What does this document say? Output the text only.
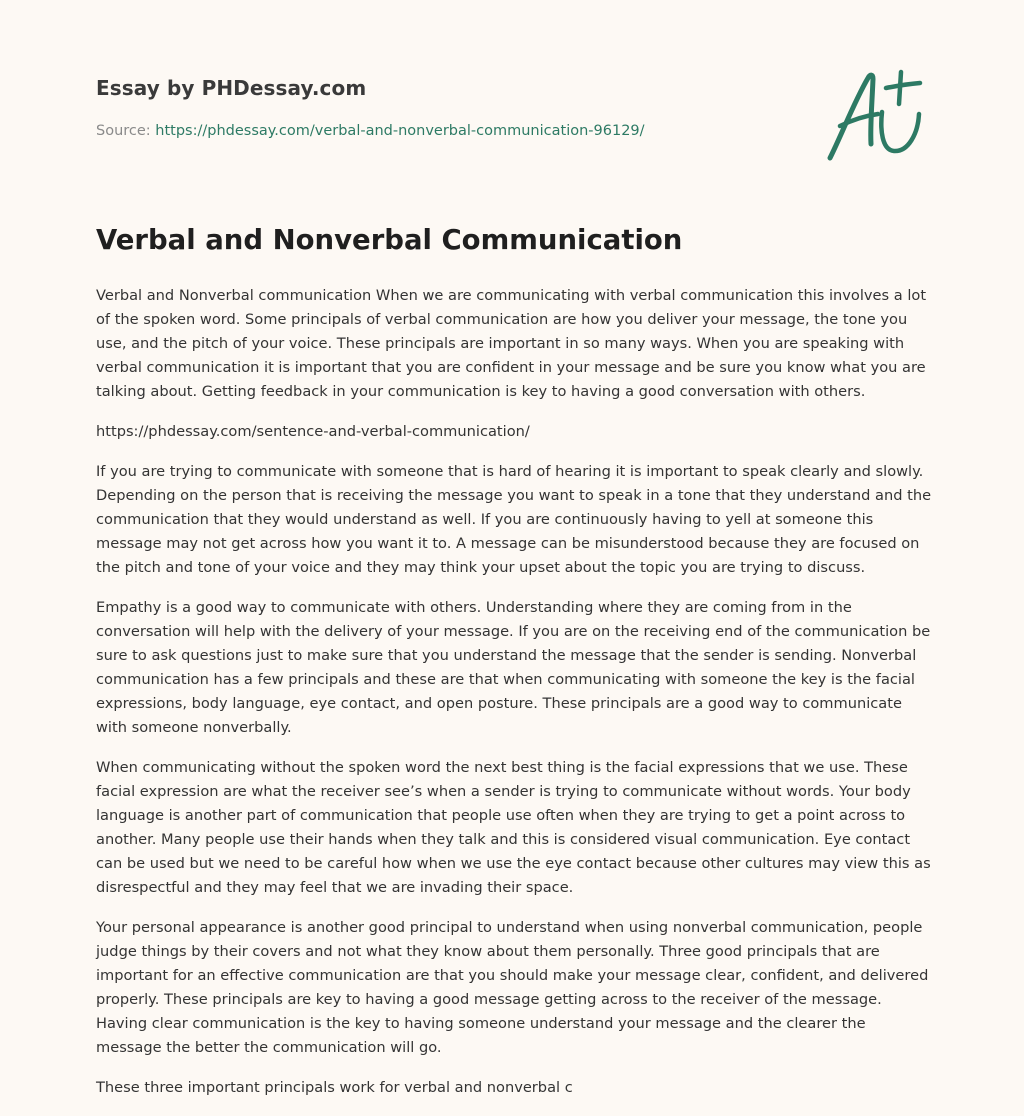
Essay by PHDessay.com
Source: https://phdessay.com/verbal-and-nonverbal-communication-96129/
Verbal and Nonverbal Communication

Verbal and Nonverbal communication When we are communicating with verbal communication this involves a lot of the spoken word. Some principals of verbal communication are how you deliver your message, the tone you use, and the pitch of your voice. These principals are important in so many ways. When you are speaking with verbal communication it is important that you are confident in your message and be sure you know what you are talking about. Getting feedback in your communication is key to having a good conversation with others.

https://phdessay.com/sentence-and-verbal-communication/

If you are trying to communicate with someone that is hard of hearing it is important to speak clearly and slowly. Depending on the person that is receiving the message you want to speak in a tone that they understand and the communication that they would understand as well. If you are continuously having to yell at someone this message may not get across how you want it to. A message can be misunderstood because they are focused on the pitch and tone of your voice and they may think your upset about the topic you are trying to discuss.

Empathy is a good way to communicate with others. Understanding where they are coming from in the conversation will help with the delivery of your message. If you are on the receiving end of the communication be sure to ask questions just to make sure that you understand the message that the sender is sending. Nonverbal communication has a few principals and these are that when communicating with someone the key is the facial expressions, body language, eye contact, and open posture. These principals are a good way to communicate with someone nonverbally.

When communicating without the spoken word the next best thing is the facial expressions that we use. These facial expression are what the receiver see’s when a sender is trying to communicate without words. Your body language is another part of communication that people use often when they are trying to get a point across to another. Many people use their hands when they talk and this is considered visual communication. Eye contact can be used but we need to be careful how when we use the eye contact because other cultures may view this as disrespectful and they may feel that we are invading their space.

Your personal appearance is another good principal to understand when using nonverbal communication, people judge things by their covers and not what they know about them personally. Three good principals that are important for an effective communication are that you should make your message clear, confident, and delivered properly. These principals are key to having a good message getting across to the receiver of the message. Having clear communication is the key to having someone understand your message and the clearer the message the better the communication will go.

These three important principals work for verbal and nonverbal c
